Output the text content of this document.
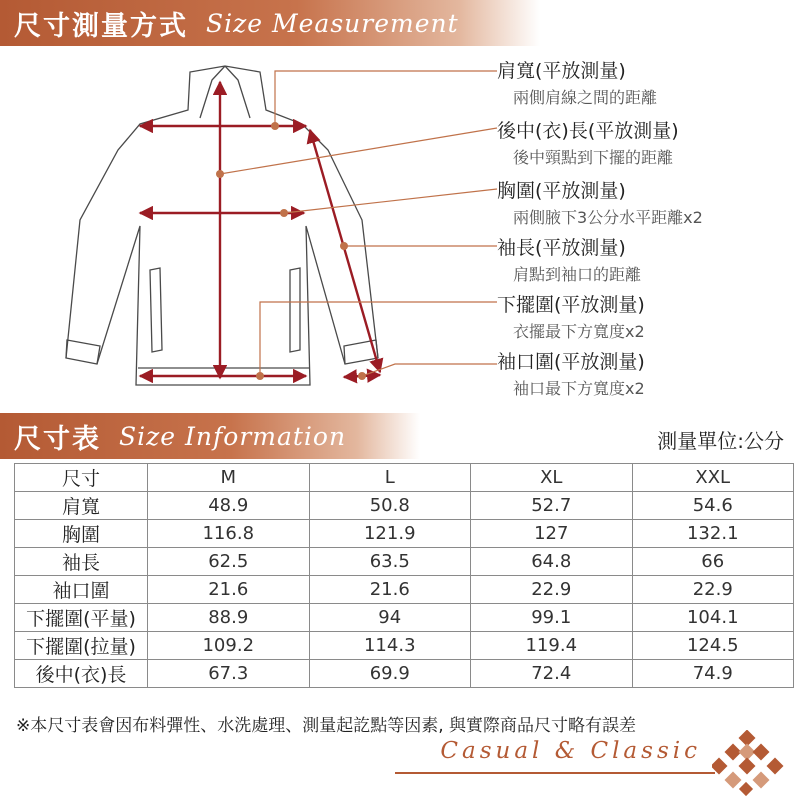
尺寸測量方式 Size Measurement
肩寬(平放測量)
兩側肩線之間的距離
後中(衣)長(平放測量)
後中頸點到下擺的距離
胸圍(平放測量)
兩側腋下3公分水平距離x2
袖長(平放測量)
肩點到袖口的距離
下擺圍(平放測量)
衣擺最下方寬度x2
袖口圍(平放測量)
袖口最下方寬度x2
尺寸表 Size Information	測量單位:公分
尺寸	M	L	XL	XXL
肩寬	48.9	50.8	52.7	54.6
胸圍	116.8	121.9	127	132.1
袖長	62.5	63.5	64.8	66
袖口圍	21.6	21.6	22.9	22.9
下擺圍(平量)	88.9	94	99.1	104.1
下擺圍(拉量)	109.2	114.3	119.4	124.5
後中(衣)長	67.3	69.9	72.4	74.9
※本尺寸表會因布料彈性、水洗處理、測量起訖點等因素, 與實際商品尺寸略有誤差
Casual & Classic
